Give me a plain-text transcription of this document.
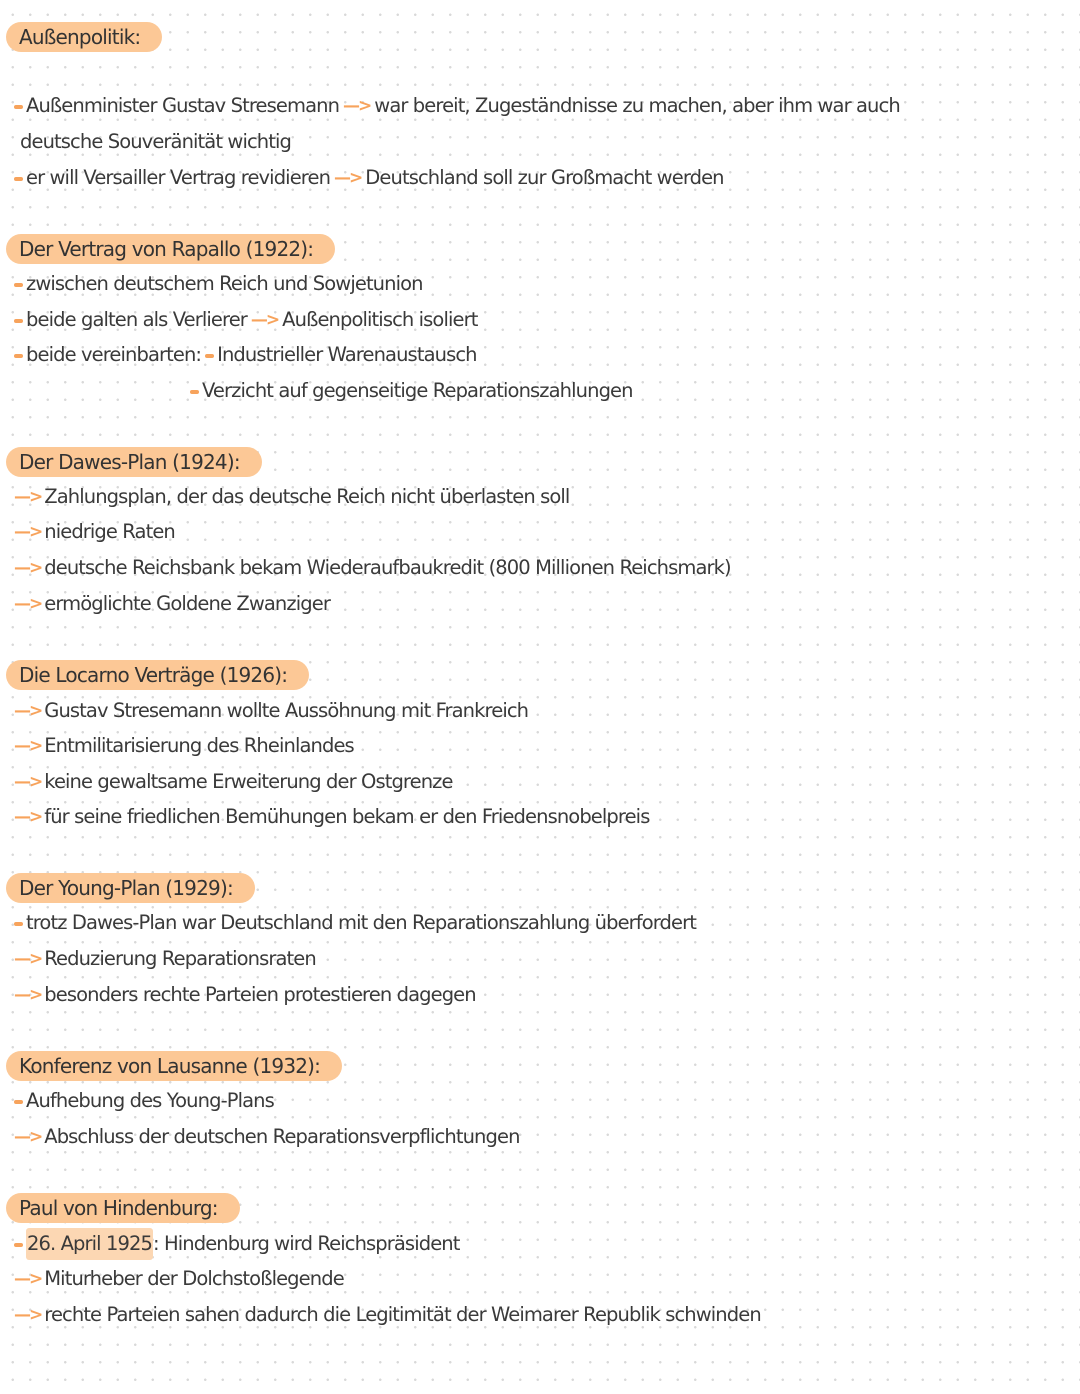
Außenpolitik:
Außenminister Gustav Stresemann —> war bereit, Zugeständnisse zu machen, aber ihm war auch
deutsche Souveränität wichtig
er will Versailler Vertrag revidieren —> Deutschland soll zur Großmacht werden
Der Vertrag von Rapallo (1922):
zwischen deutschem Reich und Sowjetunion
beide galten als Verlierer —> Außenpolitisch isoliert
beide vereinbarten: Industrieller Warenaustausch
Verzicht auf gegenseitige Reparationszahlungen
Der Dawes-Plan (1924):
—> Zahlungsplan, der das deutsche Reich nicht überlasten soll
—> niedrige Raten
—> deutsche Reichsbank bekam Wiederaufbaukredit (800 Millionen Reichsmark)
—> ermöglichte Goldene Zwanziger
Die Locarno Verträge (1926):
—> Gustav Stresemann wollte Aussöhnung mit Frankreich
—> Entmilitarisierung des Rheinlandes
—> keine gewaltsame Erweiterung der Ostgrenze
—> für seine friedlichen Bemühungen bekam er den Friedensnobelpreis
Der Young-Plan (1929):
trotz Dawes-Plan war Deutschland mit den Reparationszahlung überfordert
—> Reduzierung Reparationsraten
—> besonders rechte Parteien protestieren dagegen
Konferenz von Lausanne (1932):
Aufhebung des Young-Plans
—> Abschluss der deutschen Reparationsverpflichtungen
Paul von Hindenburg:
26. April 1925 : Hindenburg wird Reichspräsident
—> Miturheber der Dolchstoßlegende
—> rechte Parteien sahen dadurch die Legitimität der Weimarer Republik schwinden
